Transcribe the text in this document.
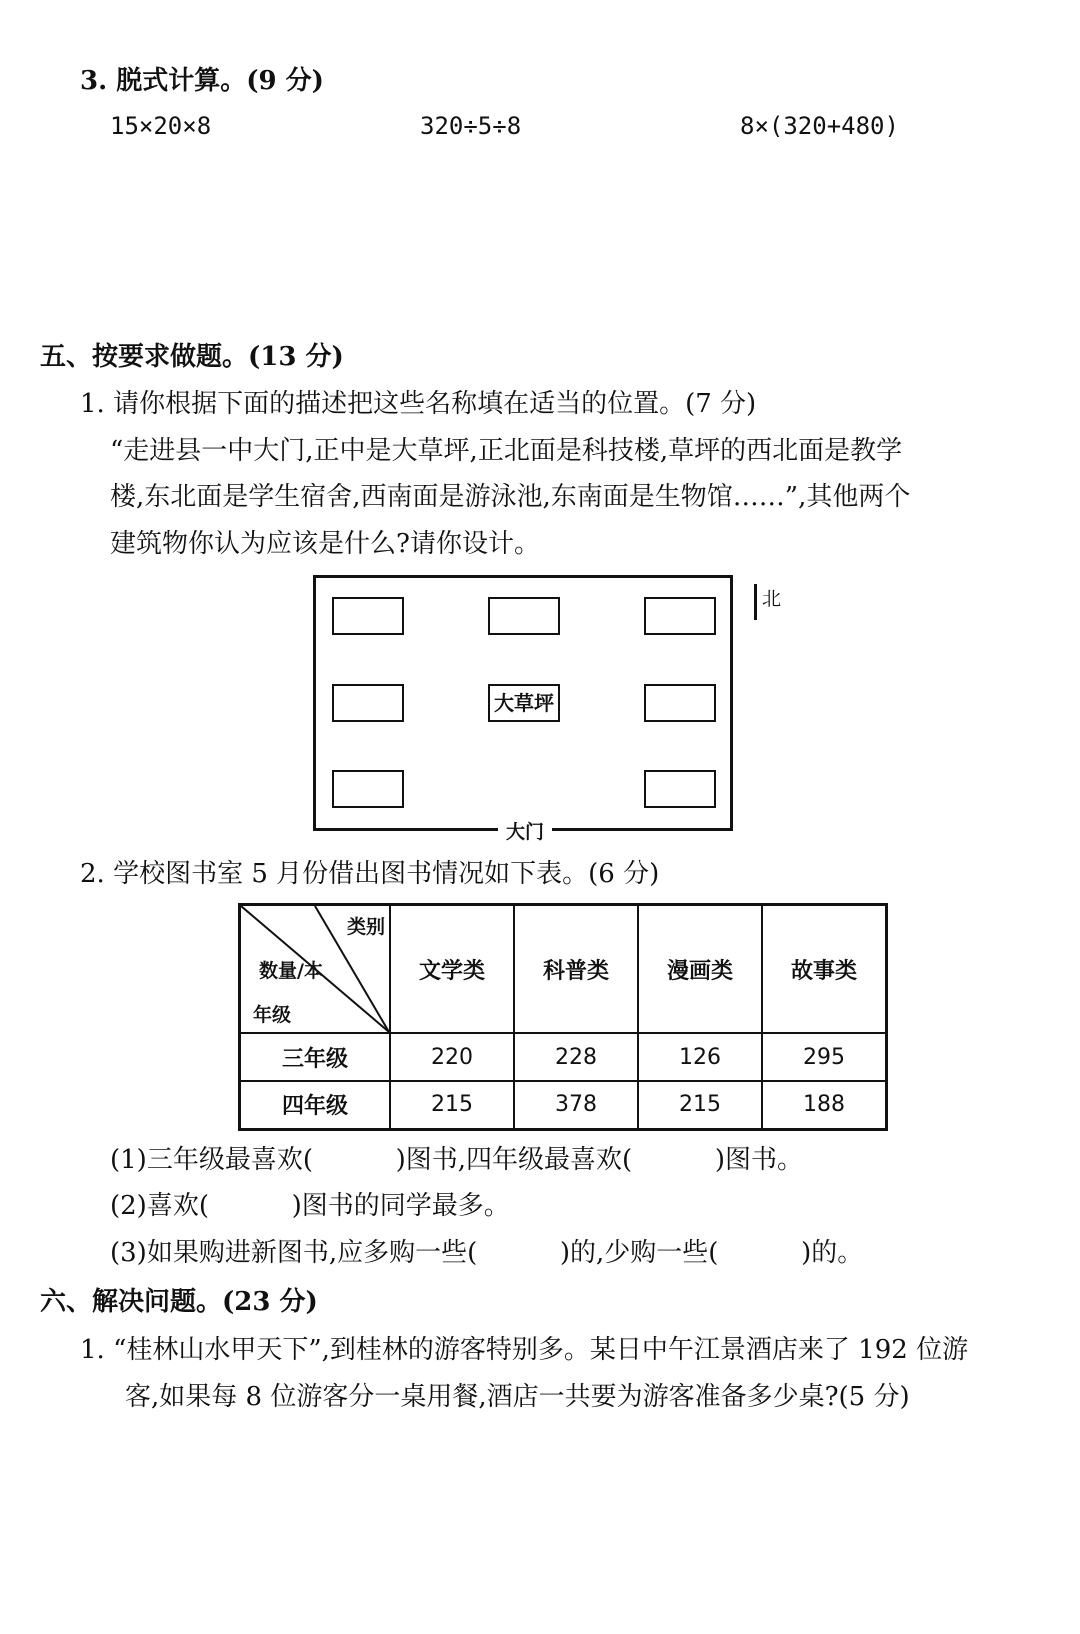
3. 脱式计算。(9 分)
15×20×8	320÷5÷8	8×(320+480)
五、按要求做题。(13 分)
1. 请你根据下面的描述把这些名称填在适当的位置。(7 分)
“走进县一中大门,正中是大草坪,正北面是科技楼,草坪的西北面是教学
楼,东北面是学生宿舍,西南面是游泳池,东南面是生物馆……”,其他两个
建筑物你认为应该是什么?请你设计。
大草坪
大门
北
2. 学校图书室 5 月份借出图书情况如下表。(6 分)
类别
数量/本
年级	文学类	科普类	漫画类	故事类
三年级	220	228	126	295
四年级	215	378	215	188
(1)三年级最喜欢(          )图书,四年级最喜欢(          )图书。
(2)喜欢(          )图书的同学最多。
(3)如果购进新图书,应多购一些(          )的,少购一些(          )的。
六、解决问题。(23 分)
1. “桂林山水甲天下”,到桂林的游客特别多。某日中午江景酒店来了 192 位游
客,如果每 8 位游客分一桌用餐,酒店一共要为游客准备多少桌?(5 分)
